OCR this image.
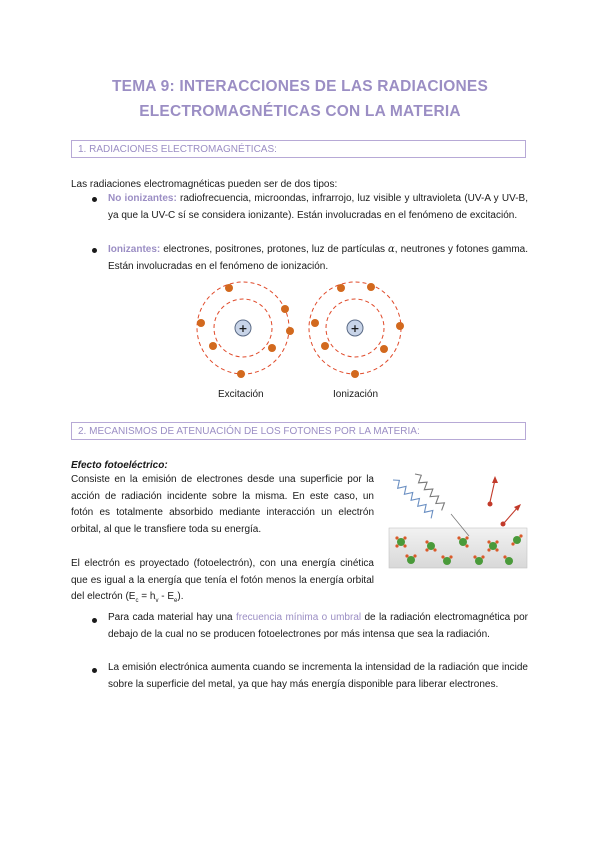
TEMA 9: INTERACCIONES DE LAS RADIACIONES
ELECTROMAGNÉTICAS CON LA MATERIA
1. RADIACIONES ELECTROMAGNÉTICAS:
Las radiaciones electromagnéticas pueden ser de dos tipos:
No ionizantes: radiofrecuencia, microondas, infrarrojo, luz visible y ultravioleta (UV-A y UV-B, ya que la UV-C sí se considera ionizante). Están involucradas en el fenómeno de excitación.
Ionizantes: electrones, positrones, protones, luz de partículas α, neutrones y fotones gamma. Están involucradas en el fenómeno de ionización.
+	+
Excitación	Ionización
2. MECANISMOS DE ATENUACIÓN DE LOS FOTONES POR LA MATERIA:
Efecto fotoeléctrico:
Consiste en la emisión de electrones desde una superficie por la acción de radiación incidente sobre la misma. En este caso, un fotón es totalmente absorbido mediante interacción un electrón orbital, al que le transfiere toda su energía.
El electrón es proyectado (fotoelectrón), con una energía cinética que es igual a la energía que tenía el fotón menos la energía orbital del electrón $(E_c = h_v - E_e)$.
Para cada material hay una frecuencia mínima o umbral de la radiación electromagnética por debajo de la cual no se producen fotoelectrones por más intensa que sea la radiación.
La emisión electrónica aumenta cuando se incrementa la intensidad de la radiación que incide sobre la superficie del metal, ya que hay más energía disponible para liberar electrones.
